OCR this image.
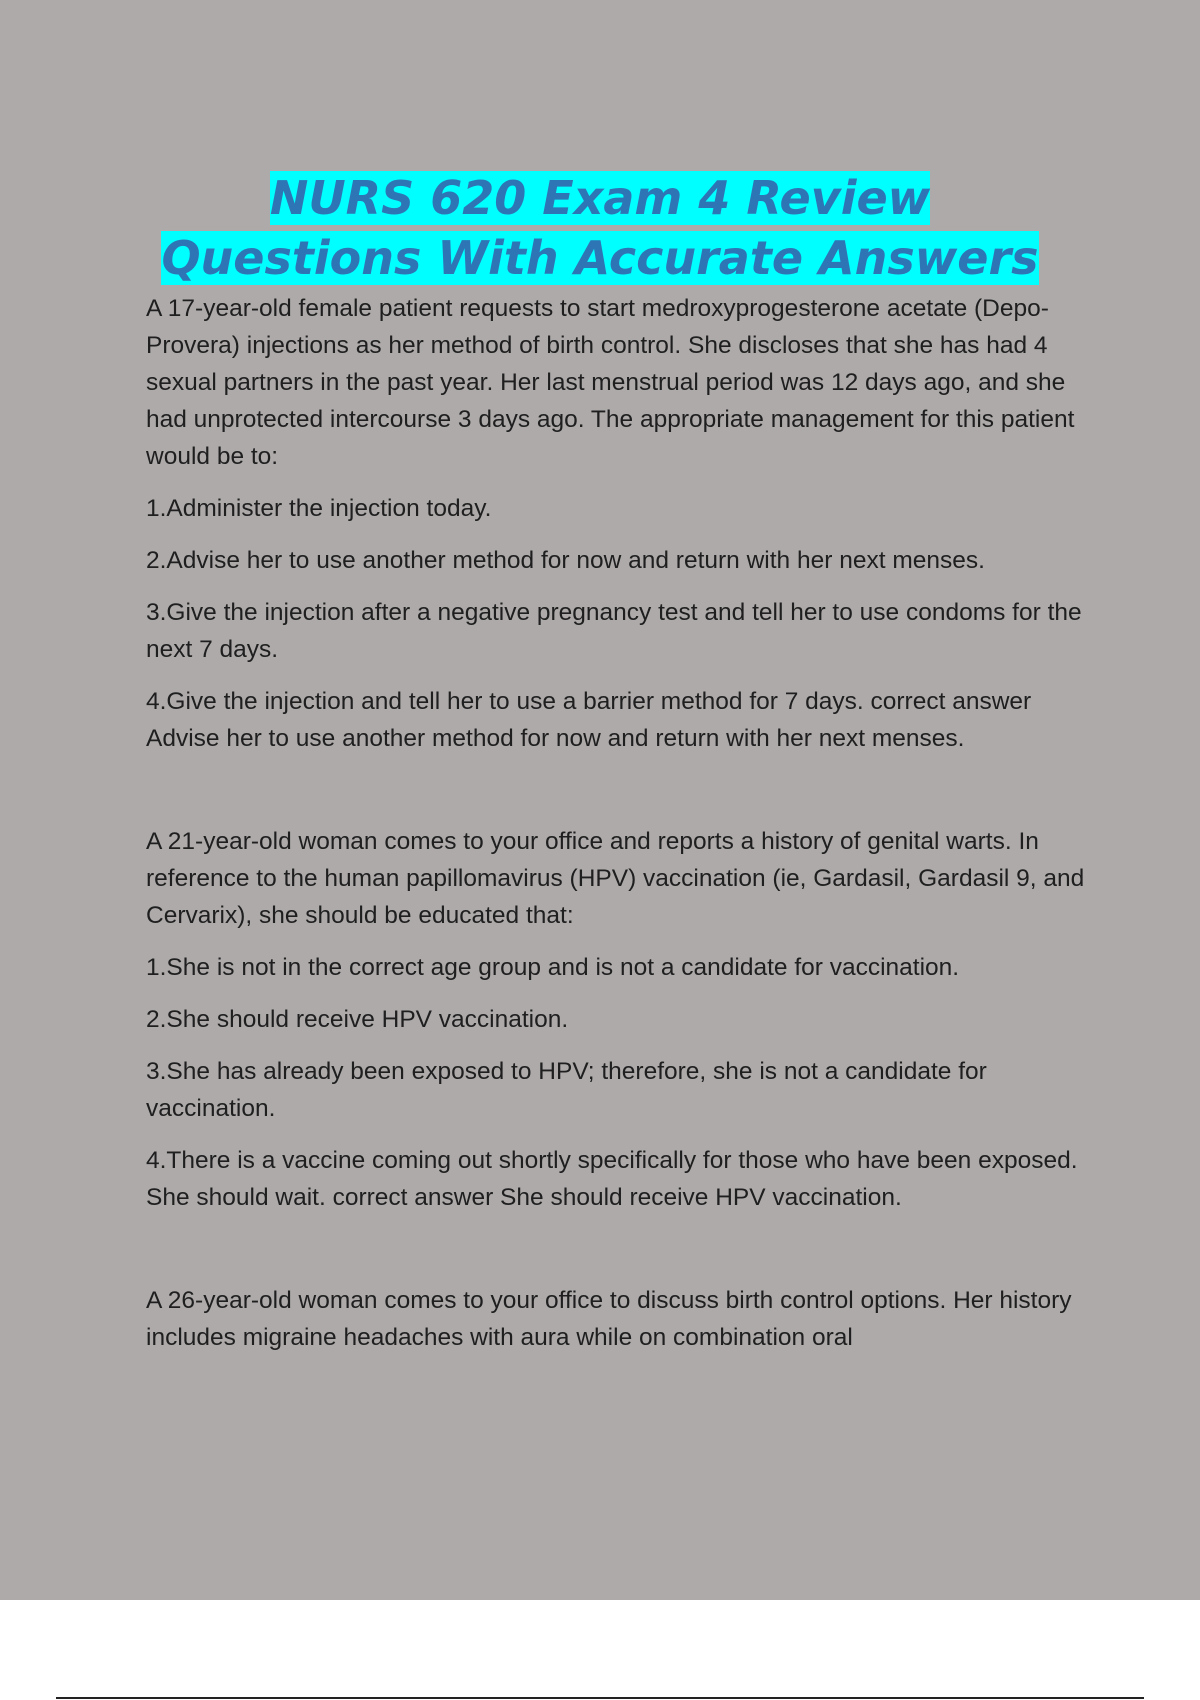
NURS 620 Exam 4 Review
Questions With Accurate Answers

A 17-year-old female patient requests to start medroxyprogesterone acetate (Depo-Provera) injections as her method of birth control. She discloses that she has had 4 sexual partners in the past year. Her last menstrual period was 12 days ago, and she had unprotected intercourse 3 days ago. The appropriate management for this patient would be to:

1.Administer the injection today.

2.Advise her to use another method for now and return with her next menses.

3.Give the injection after a negative pregnancy test and tell her to use condoms for the next 7 days.

4.Give the injection and tell her to use a barrier method for 7 days. correct answer Advise her to use another method for now and return with her next menses.

A 21-year-old woman comes to your office and reports a history of genital warts. In reference to the human papillomavirus (HPV) vaccination (ie, Gardasil, Gardasil 9, and Cervarix), she should be educated that:

1.She is not in the correct age group and is not a candidate for vaccination.

2.She should receive HPV vaccination.

3.She has already been exposed to HPV; therefore, she is not a candidate for vaccination.

4.There is a vaccine coming out shortly specifically for those who have been exposed. She should wait. correct answer She should receive HPV vaccination.

A 26-year-old woman comes to your office to discuss birth control options. Her history includes migraine headaches with aura while on combination oral
